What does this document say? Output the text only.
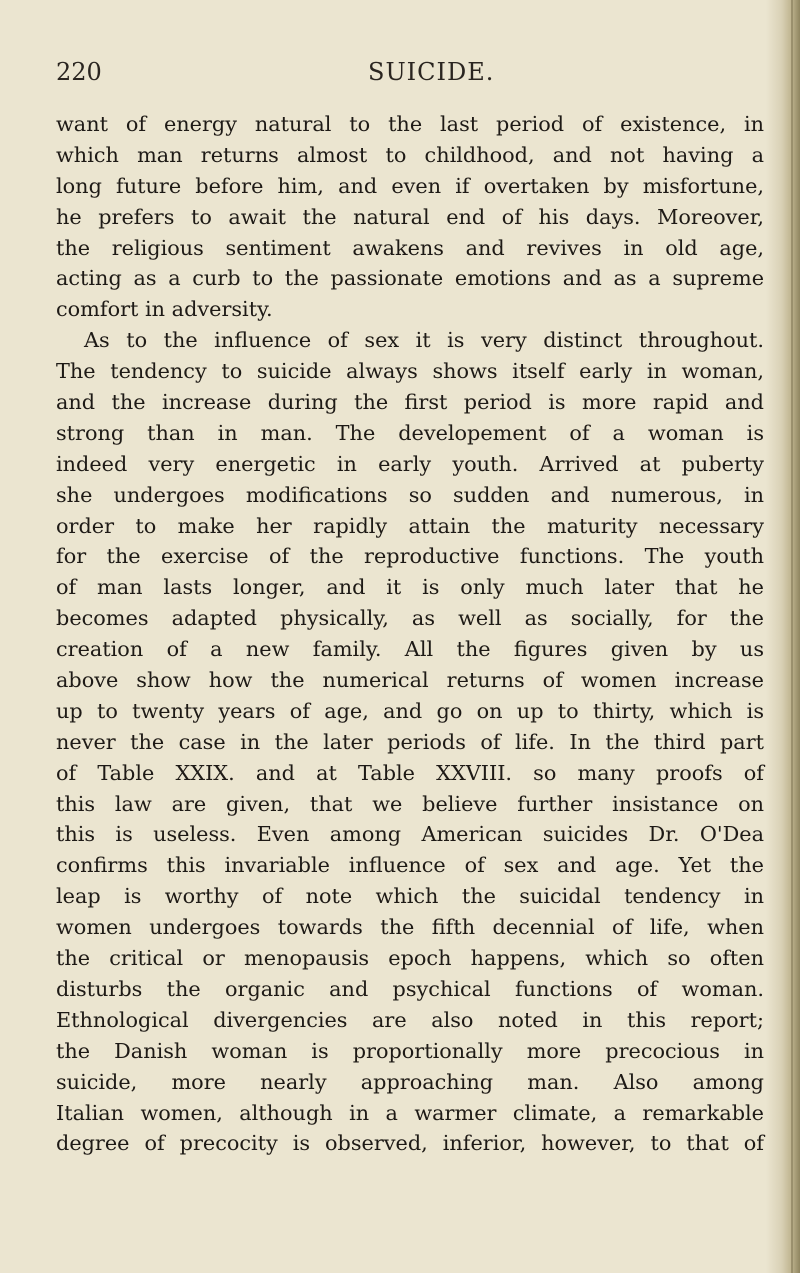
220	SUICIDE.
want of energy natural to the last period of existence, in
which man returns almost to childhood, and not having a
long future before him, and even if overtaken by misfortune,
he prefers to await the natural end of his days. Moreover,
the religious sentiment awakens and revives in old age,
acting as a curb to the passionate emotions and as a supreme
comfort in adversity.
As to the influence of sex it is very distinct throughout.
The tendency to suicide always shows itself early in woman,
and the increase during the first period is more rapid and
strong than in man. The developement of a woman is
indeed very energetic in early youth. Arrived at puberty
she undergoes modifications so sudden and numerous, in
order to make her rapidly attain the maturity necessary
for the exercise of the reproductive functions. The youth
of man lasts longer, and it is only much later that he
becomes adapted physically, as well as socially, for the
creation of a new family. All the figures given by us
above show how the numerical returns of women increase
up to twenty years of age, and go on up to thirty, which is
never the case in the later periods of life. In the third part
of Table XXIX. and at Table XXVIII. so many proofs of
this law are given, that we believe further insistance on
this is useless. Even among American suicides Dr. O'Dea
confirms this invariable influence of sex and age. Yet the
leap is worthy of note which the suicidal tendency in
women undergoes towards the fifth decennial of life, when
the critical or menopausis epoch happens, which so often
disturbs the organic and psychical functions of woman.
Ethnological divergencies are also noted in this report;
the Danish woman is proportionally more precocious in
suicide, more nearly approaching man. Also among
Italian women, although in a warmer climate, a remarkable
degree of precocity is observed, inferior, however, to that of
